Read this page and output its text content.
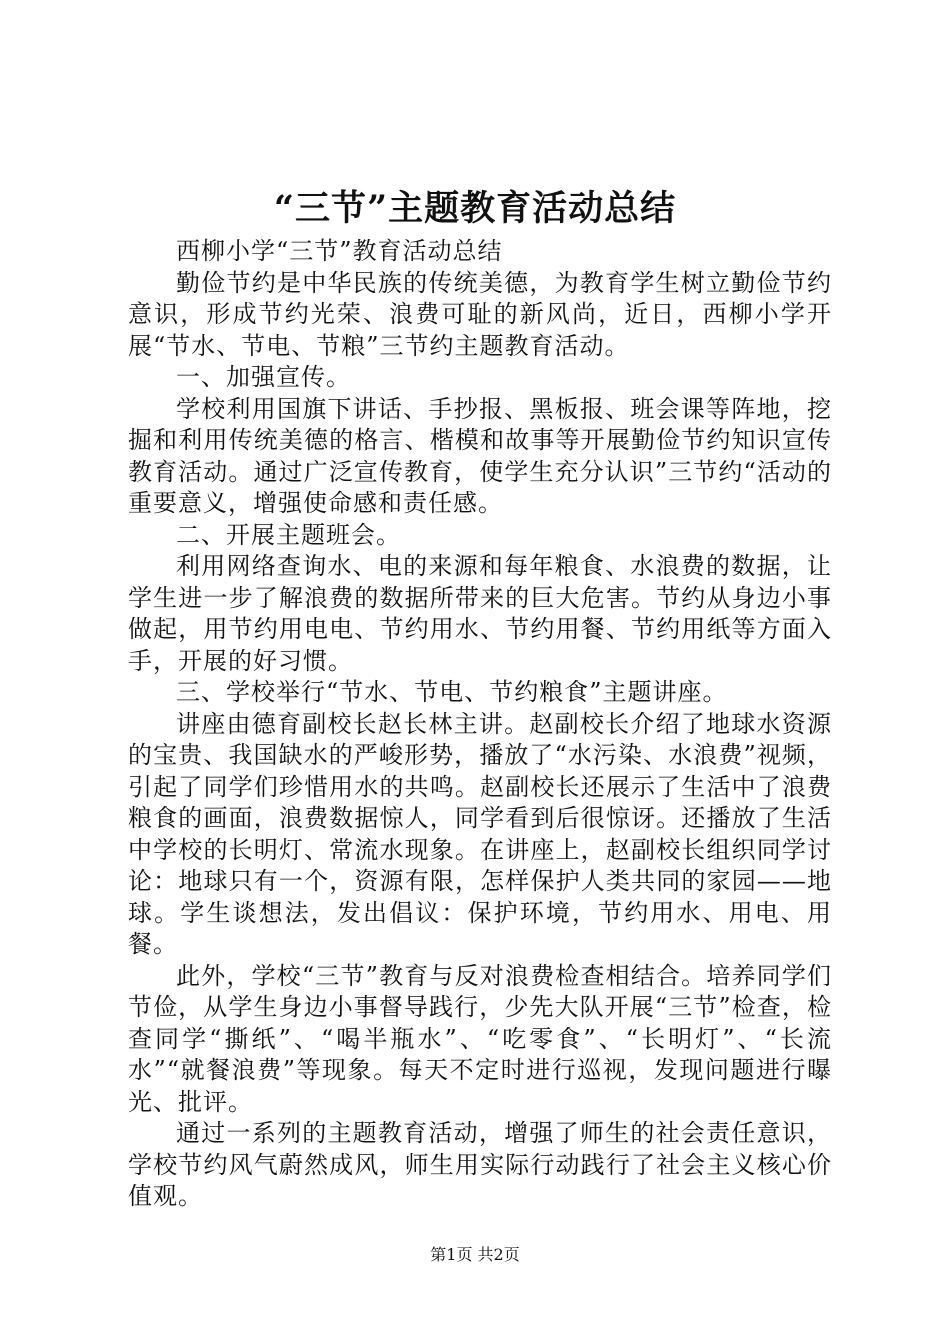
“三节”主题教育活动总结

西柳小学“三节”教育活动总结

勤俭节约是中华民族的传统美德，为教育学生树立勤俭节约意识，形成节约光荣、浪费可耻的新风尚，近日，西柳小学开展“节水、节电、节粮”三节约主题教育活动。

一、加强宣传。

学校利用国旗下讲话、手抄报、黑板报、班会课等阵地，挖掘和利用传统美德的格言、楷模和故事等开展勤俭节约知识宣传教育活动。通过广泛宣传教育，使学生充分认识”三节约“活动的重要意义，增强使命感和责任感。

二、开展主题班会。

利用网络查询水、电的来源和每年粮食、水浪费的数据，让学生进一步了解浪费的数据所带来的巨大危害。节约从身边小事做起，用节约用电电、节约用水、节约用餐、节约用纸等方面入手，开展的好习惯。

三、学校举行“节水、节电、节约粮食”主题讲座。

讲座由德育副校长赵长林主讲。赵副校长介绍了地球水资源的宝贵、我国缺水的严峻形势，播放了“水污染、水浪费”视频，引起了同学们珍惜用水的共鸣。赵副校长还展示了生活中了浪费粮食的画面，浪费数据惊人，同学看到后很惊讶。还播放了生活中学校的长明灯、常流水现象。在讲座上，赵副校长组织同学讨论：地球只有一个，资源有限，怎样保护人类共同的家园——地球。学生谈想法，发出倡议：保护环境，节约用水、用电、用餐。

此外，学校“三节”教育与反对浪费检查相结合。培养同学们节俭，从学生身边小事督导践行，少先大队开展“三节”检查，检查同学“撕纸”、“喝半瓶水”、“吃零食”、“长明灯”、“长流水”“就餐浪费”等现象。每天不定时进行巡视，发现问题进行曝光、批评。

通过一系列的主题教育活动，增强了师生的社会责任意识，学校节约风气蔚然成风，师生用实际行动践行了社会主义核心价值观。

第1页 共2页
